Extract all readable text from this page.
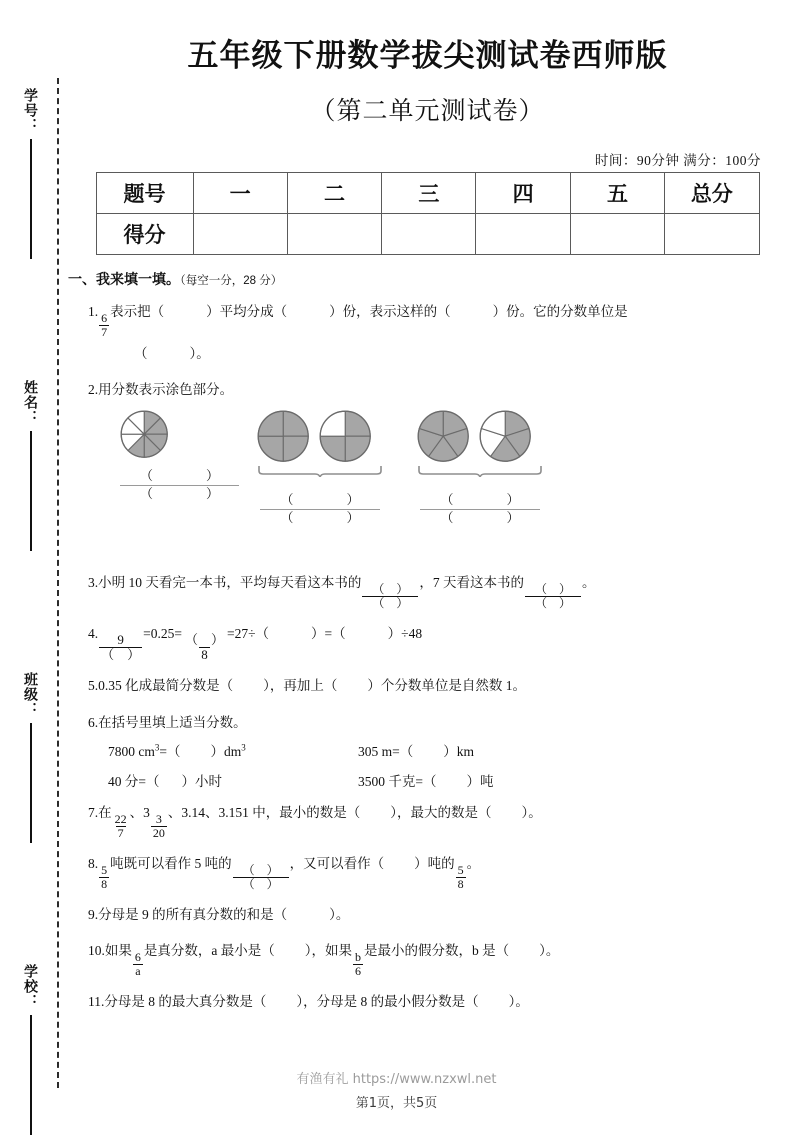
学号：
姓名：
班级：
学校：
五年级下册数学拔尖测试卷西师版
（第二单元测试卷）
时间：90分钟 满分：100分
题号	一	二	三	四	五	总分
得分						
一、我来填一填。（每空一分，28 分）
1.
$\frac{6}{7}$
表示把（	）平均分成（	）份，表示这样的（	）份。它的分数单位是
（	）。
2.用分数表示涂色部分。
（　）
（　）	（　）
（　）
（　）
（　）
3.小明 10 天看完一本书，平均每天看这本书的
$\frac{( )}{( )}$
，7 天看这本书的
$\frac{( )}{( )}$
。
4. $\frac{9}{( )} =0.25= \frac{( )}{8} =27\div$（	）=（	）÷48
5.0.35 化成最简分数是（ ），再加上（ ）个分数单位是自然数 1。
6.在括号里填上适当分数。
7800 $cm^3=$（ ）$dm^3$	305 m=（ ）km
40 分=（ ）小时	3500 千克=（ ）吨
7.在
$\frac{22}{7}$
、3
$\frac{3}{20}$
、3.14、3.151 中，最小的数是（ ），最大的数是（ ）。
8.
$\frac{5}{8}$
吨既可以看作 5 吨的
$\frac{( )}{( )}$
，又可以看作（ ）吨的
$\frac{5}{8}$
。
9.分母是 9 的所有真分数的和是（	）。
10.如果
$\frac{6}{a}$
是真分数，a 最小是（ ），如果
$\frac{b}{6}$
是最小的假分数，b 是（ ）。
11.分母是 8 的最大真分数是（ ），分母是 8 的最小假分数是（ ）。
有渔有礼 https://www.nzxwl.net
第1页，共5页
